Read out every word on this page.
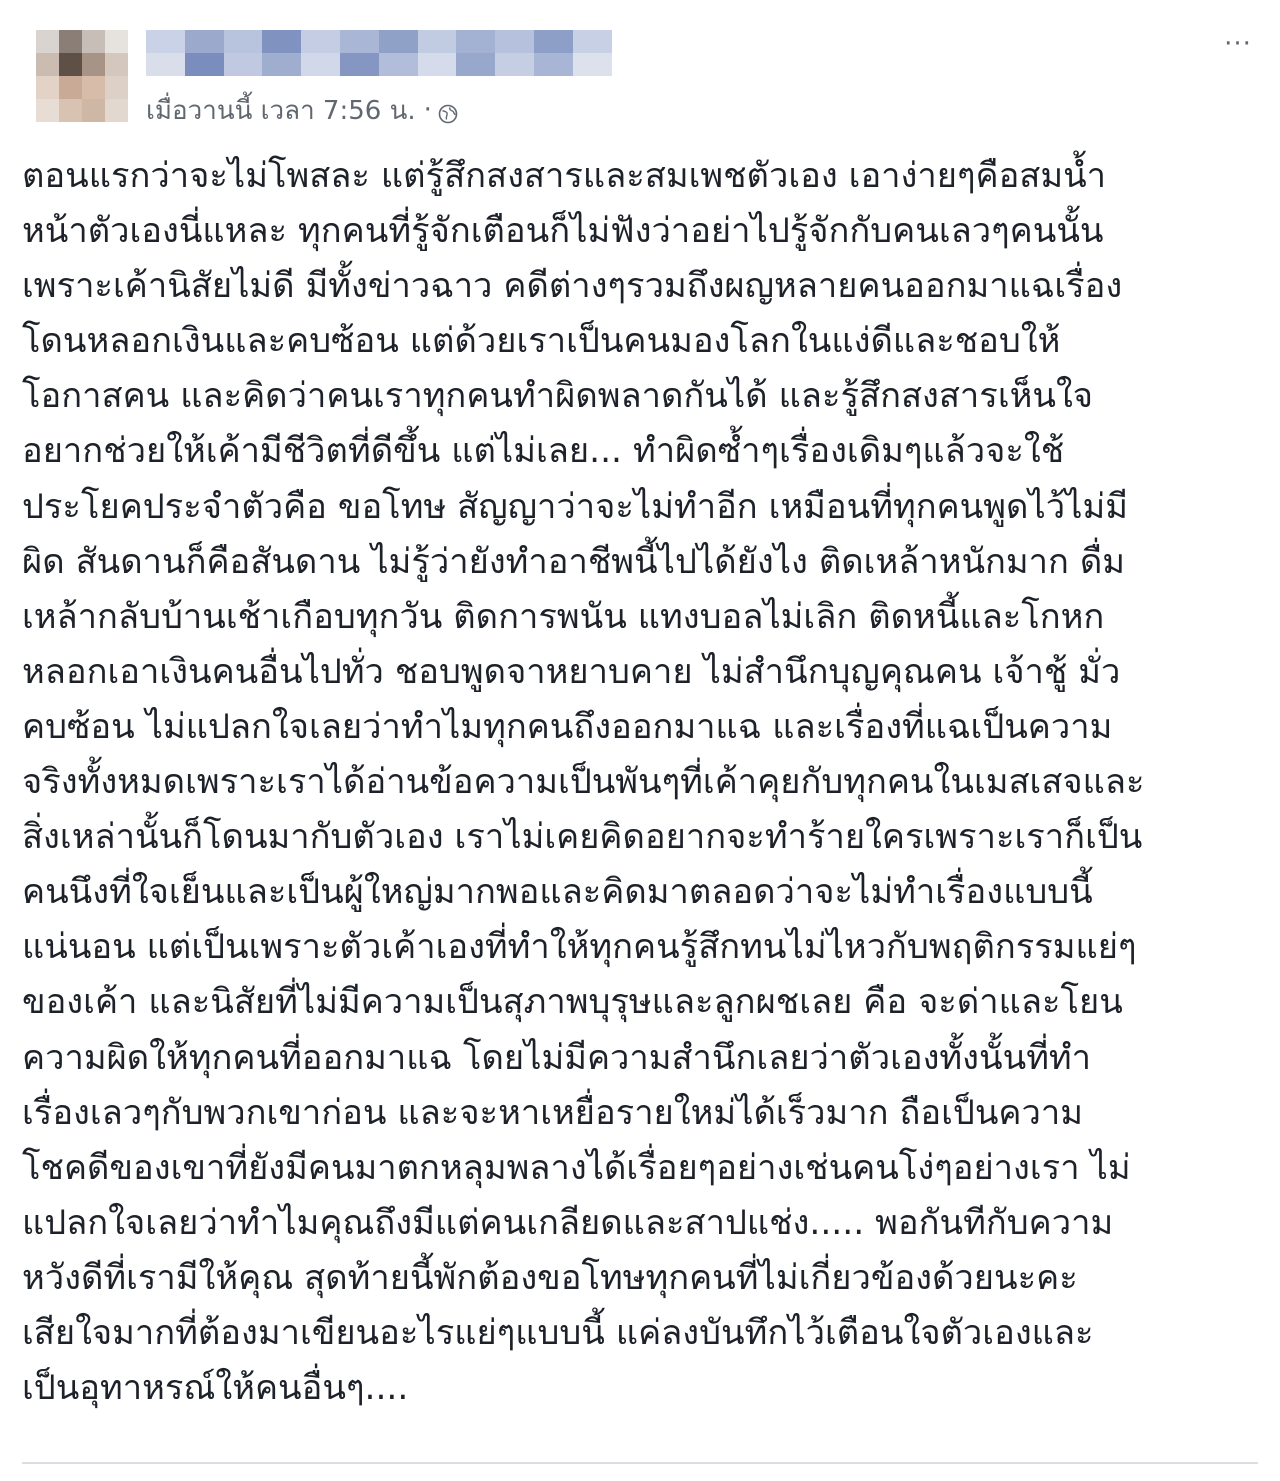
เมื่อวานนี้ เวลา 7:56 น. ·
···
ตอนแรกว่าจะไม่โพสละ แต่รู้สึกสงสารและสมเพชตัวเอง เอาง่ายๆคือสมน้ำ
หน้าตัวเองนี่แหละ ทุกคนที่รู้จักเตือนก็ไม่ฟังว่าอย่าไปรู้จักกับคนเลวๆคนนั้น
เพราะเค้านิสัยไม่ดี มีทั้งข่าวฉาว คดีต่างๆรวมถึงผญหลายคนออกมาแฉเรื่อง
โดนหลอกเงินและคบซ้อน แต่ด้วยเราเป็นคนมองโลกในแง่ดีและชอบให้
โอกาสคน และคิดว่าคนเราทุกคนทำผิดพลาดกันได้ และรู้สึกสงสารเห็นใจ
อยากช่วยให้เค้ามีชีวิตที่ดีขึ้น แต่ไม่เลย... ทำผิดซ้ำๆเรื่องเดิมๆแล้วจะใช้
ประโยคประจำตัวคือ ขอโทษ สัญญาว่าจะไม่ทำอีก เหมือนที่ทุกคนพูดไว้ไม่มี
ผิด สันดานก็คือสันดาน ไม่รู้ว่ายังทำอาชีพนี้ไปได้ยังไง ติดเหล้าหนักมาก ดื่ม
เหล้ากลับบ้านเช้าเกือบทุกวัน ติดการพนัน แทงบอลไม่เลิก ติดหนี้และโกหก
หลอกเอาเงินคนอื่นไปทั่ว ชอบพูดจาหยาบคาย ไม่สำนึกบุญคุณคน เจ้าชู้ มั่ว
คบซ้อน ไม่แปลกใจเลยว่าทำไมทุกคนถึงออกมาแฉ และเรื่องที่แฉเป็นความ
จริงทั้งหมดเพราะเราได้อ่านข้อความเป็นพันๆที่เค้าคุยกับทุกคนในเมสเสจและ
สิ่งเหล่านั้นก็โดนมากับตัวเอง เราไม่เคยคิดอยากจะทำร้ายใครเพราะเราก็เป็น
คนนึงที่ใจเย็นและเป็นผู้ใหญ่มากพอและคิดมาตลอดว่าจะไม่ทำเรื่องแบบนี้
แน่นอน แต่เป็นเพราะตัวเค้าเองที่ทำให้ทุกคนรู้สึกทนไม่ไหวกับพฤติกรรมแย่ๆ
ของเค้า และนิสัยที่ไม่มีความเป็นสุภาพบุรุษและลูกผชเลย คือ จะด่าและโยน
ความผิดให้ทุกคนที่ออกมาแฉ โดยไม่มีความสำนึกเลยว่าตัวเองทั้งนั้นที่ทำ
เรื่องเลวๆกับพวกเขาก่อน และจะหาเหยื่อรายใหม่ได้เร็วมาก ถือเป็นความ
โชคดีของเขาที่ยังมีคนมาตกหลุมพลางได้เรื่อยๆอย่างเช่นคนโง่ๆอย่างเรา ไม่
แปลกใจเลยว่าทำไมคุณถึงมีแต่คนเกลียดและสาปแช่ง..... พอกันทีกับความ
หวังดีที่เรามีให้คุณ สุดท้ายนี้พักต้องขอโทษทุกคนที่ไม่เกี่ยวข้องด้วยนะคะ
เสียใจมากที่ต้องมาเขียนอะไรแย่ๆแบบนี้ แค่ลงบันทึกไว้เตือนใจตัวเองและ
เป็นอุทาหรณ์ให้คนอื่นๆ....
